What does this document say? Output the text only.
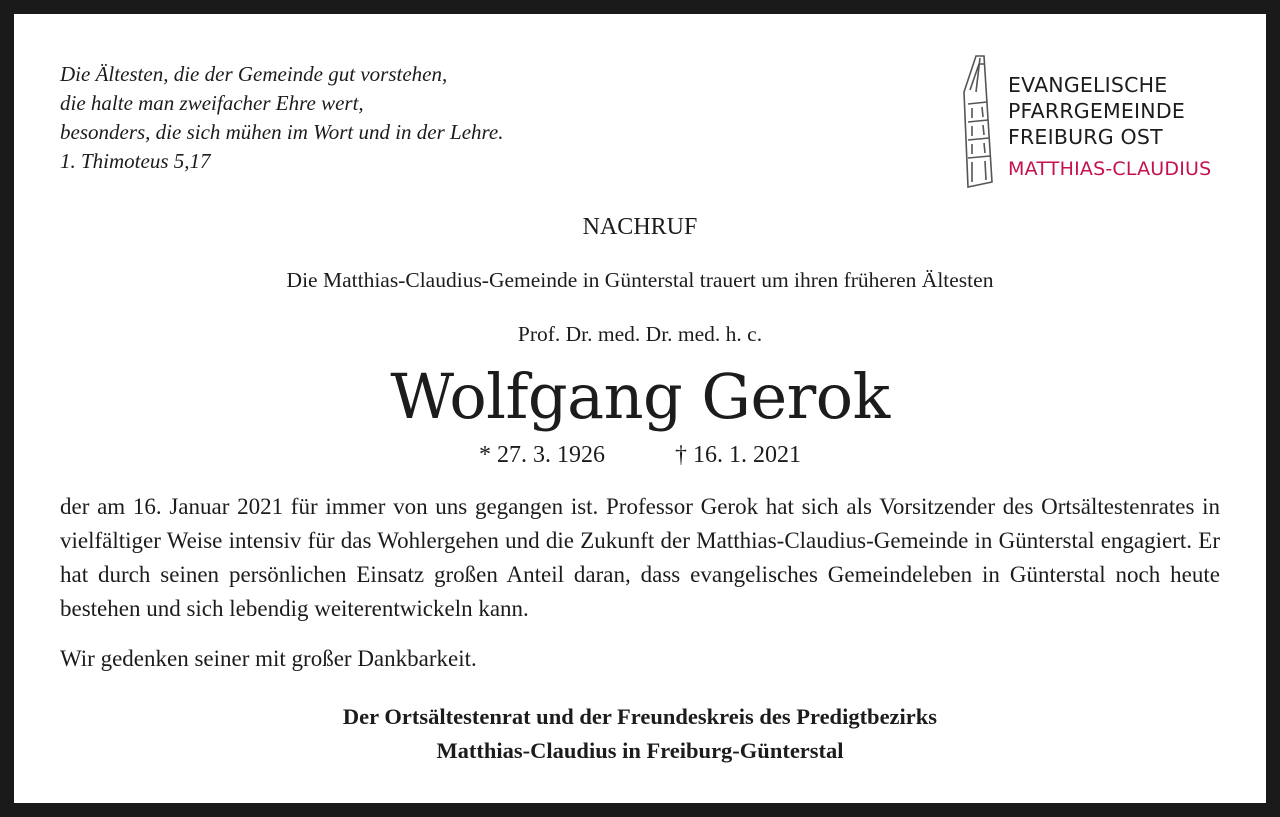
Die Ältesten, die der Gemeinde gut vorstehen,
die halte man zweifacher Ehre wert,
besonders, die sich mühen im Wort und in der Lehre.
1. Thimoteus 5,17
EVANGELISCHE
PFARRGEMEINDE
FREIBURG OST
MATTHIAS-CLAUDIUS
NACHRUF
Die Matthias-Claudius-Gemeinde in Günterstal trauert um ihren früheren Ältesten
Prof. Dr. med. Dr. med. h. c.
Wolfgang Gerok
* 27. 3. 1926	† 16. 1. 2021
der am 16. Januar 2021 für immer von uns gegangen ist. Professor Gerok hat sich als Vorsitzender des Ortsältestenrates in vielfältiger Weise intensiv für das Wohlergehen und die Zukunft der Matthias-Claudius-Gemeinde in Günterstal engagiert. Er hat durch seinen persönlichen Einsatz großen Anteil daran, dass evangelisches Gemeindeleben in Günterstal noch heute bestehen und sich lebendig weiterentwickeln kann.
Wir gedenken seiner mit großer Dankbarkeit.
Der Ortsältestenrat und der Freundeskreis des Predigtbezirks
Matthias-Claudius in Freiburg-Günterstal
